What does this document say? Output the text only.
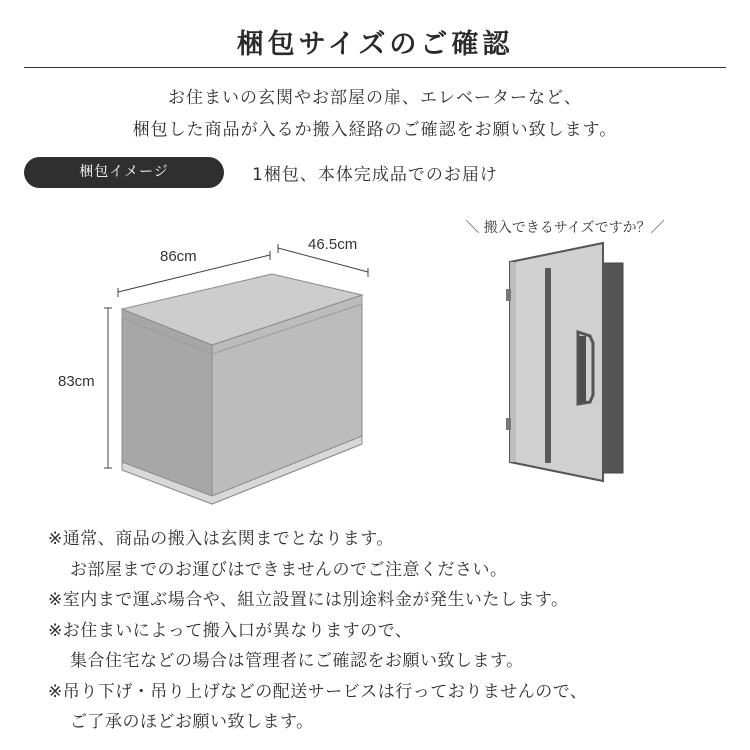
梱包サイズのご確認
お住まいの玄関やお部屋の扉、エレベーターなど、
梱包した商品が入るか搬入経路のご確認をお願い致します。
梱包イメージ	1梱包、本体完成品でのお届け
86cm
46.5cm
83cm
＼ 搬入できるサイズですか？／
※通常、商品の搬入は玄関までとなります。
お部屋までのお運びはできませんのでご注意ください。
※室内まで運ぶ場合や、組立設置には別途料金が発生いたします。
※お住まいによって搬入口が異なりますので、
集合住宅などの場合は管理者にご確認をお願い致します。
※吊り下げ・吊り上げなどの配送サービスは行っておりませんので、
ご了承のほどお願い致します。
